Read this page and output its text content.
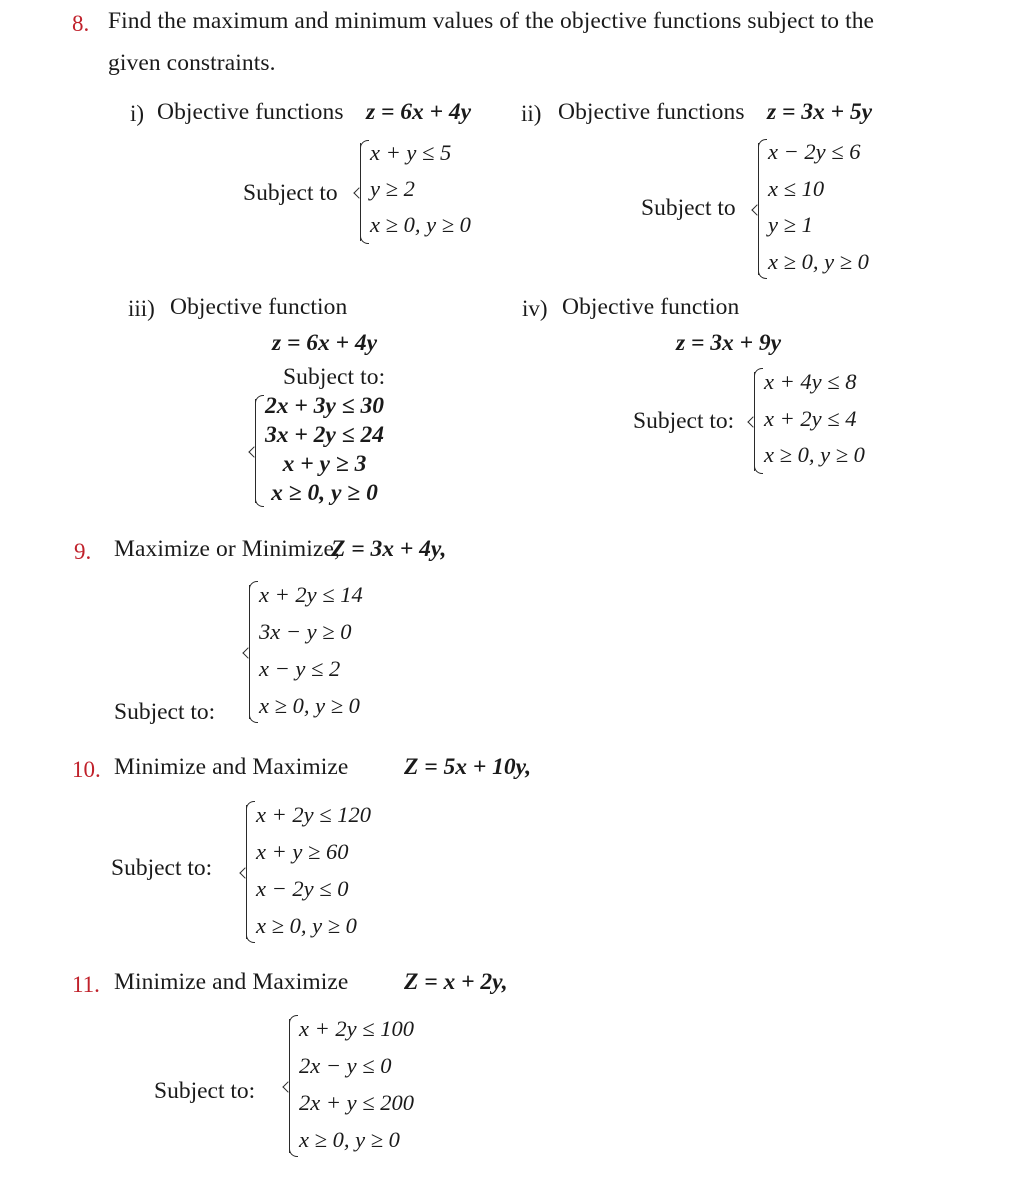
8. Find the maximum and minimum values of the objective functions subject to the
given constraints.
i) Objective functions z = 6x + 4y
Subject to
x + y ≤ 5
y ≥ 2
x ≥ 0, y ≥ 0
ii) Objective functions z = 3x + 5y
Subject to
x − 2y ≤ 6
x ≤ 10
y ≥ 1
x ≥ 0, y ≥ 0
iii) Objective function
z = 6x + 4y
Subject to:
2x + 3y ≤ 30
3x + 2y ≤ 24
x + y ≥ 3
x ≥ 0, y ≥ 0
iv) Objective function
z = 3x + 9y
Subject to:
x + 4y ≤ 8
x + 2y ≤ 4
x ≥ 0, y ≥ 0
9. Maximize or Minimize,
Z = 3x + 4y,
Subject to:
x + 2y ≤ 14
3x − y ≥ 0
x − y ≤ 2
x ≥ 0, y ≥ 0
10. Minimize and Maximize Z = 5x + 10y,
Subject to:
x + 2y ≤ 120
x + y ≥ 60
x − 2y ≤ 0
x ≥ 0, y ≥ 0
11. Minimize and Maximize Z = x + 2y,
Subject to:
x + 2y ≤ 100
2x − y ≤ 0
2x + y ≤ 200
x ≥ 0, y ≥ 0
